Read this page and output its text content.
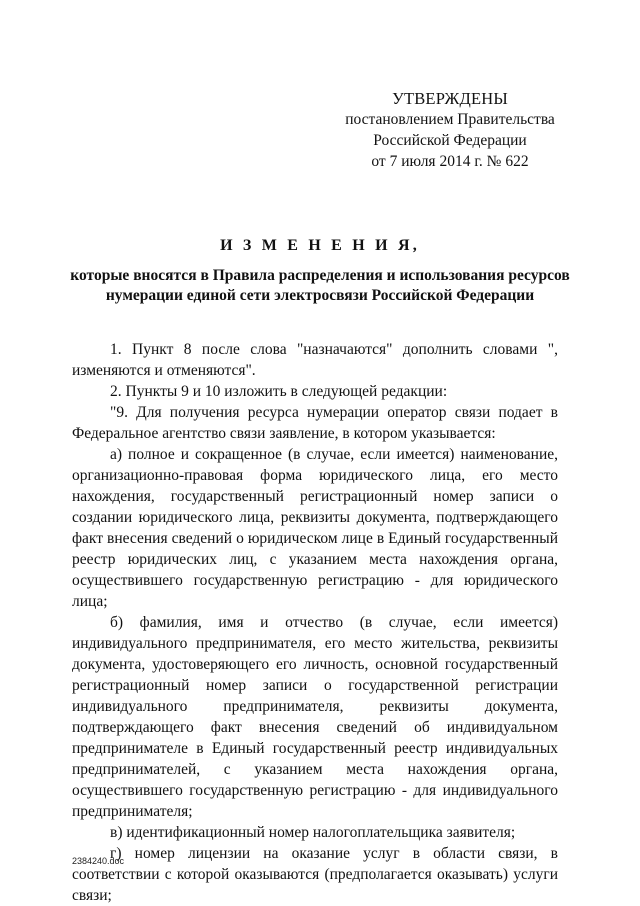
УТВЕРЖДЕНЫ
постановлением Правительства
Российской Федерации
от 7 июля 2014 г. № 622
И З М Е Н Е Н И Я,
которые вносятся в Правила распределения и использования ресурсов нумерации единой сети электросвязи Российской Федерации

1. Пункт 8 после слова "назначаются" дополнить словами ", изменяются и отменяются".

2. Пункты 9 и 10 изложить в следующей редакции:

"9. Для получения ресурса нумерации оператор связи подает в Федеральное агентство связи заявление, в котором указывается:

а) полное и сокращенное (в случае, если имеется) наименование, организационно-правовая форма юридического лица, его место нахождения, государственный регистрационный номер записи о создании юридического лица, реквизиты документа, подтверждающего факт внесения сведений о юридическом лице в Единый государственный реестр юридических лиц, с указанием места нахождения органа, осуществившего государственную регистрацию - для юридического лица;

б) фамилия, имя и отчество (в случае, если имеется) индивидуального предпринимателя, его место жительства, реквизиты документа, удостоверяющего его личность, основной государственный регистрационный номер записи о государственной регистрации индивидуального предпринимателя, реквизиты документа, подтверждающего факт внесения сведений об индивидуальном предпринимателе в Единый государственный реестр индивидуальных предпринимателей, с указанием места нахождения органа, осуществившего государственную регистрацию - для индивидуального предпринимателя;

в) идентификационный номер налогоплательщика заявителя;

г) номер лицензии на оказание услуг в области связи, в соответствии с которой оказываются (предполагается оказывать) услуги связи;

2384240.doc
